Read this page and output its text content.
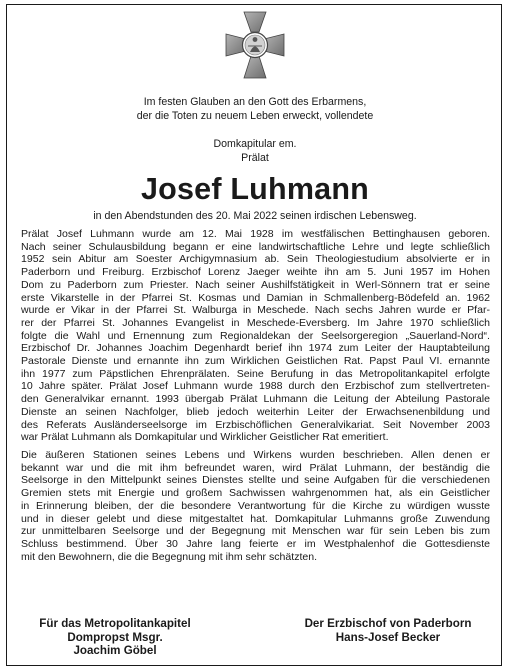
Im festen Glauben an den Gott des Erbarmens,
der die Toten zu neuem Leben erweckt, vollendete
Domkapitular em.
Prälat
Josef Luhmann
in den Abendstunden des 20. Mai 2022 seinen irdischen Lebensweg.
Prälat Josef Luhmann wurde am 12. Mai 1928 im westfälischen Bettinghausen geboren.
Nach seiner Schulausbildung begann er eine landwirtschaftliche Lehre und legte schließlich
1952 sein Abitur am Soester Archigymnasium ab. Sein Theologiestudium absolvierte er in
Paderborn und Freiburg. Erzbischof Lorenz Jaeger weihte ihn am 5. Juni 1957 im Hohen
Dom zu Paderborn zum Priester. Nach seiner Aushilfstätigkeit in Werl-Sönnern trat er seine
erste Vikarstelle in der Pfarrei St. Kosmas und Damian in Schmallenberg-Bödefeld an. 1962
wurde er Vikar in der Pfarrei St. Walburga in Meschede. Nach sechs Jahren wurde er Pfar-
rer der Pfarrei St. Johannes Evangelist in Meschede-Eversberg. Im Jahre 1970 schließlich
folgte die Wahl und Ernennung zum Regionaldekan der Seelsorgeregion „Sauerland-Nord“.
Erzbischof Dr. Johannes Joachim Degenhardt berief ihn 1974 zum Leiter der Hauptabteilung
Pastorale Dienste und ernannte ihn zum Wirklichen Geistlichen Rat. Papst Paul VI. ernannte
ihn 1977 zum Päpstlichen Ehrenprälaten. Seine Berufung in das Metropolitankapitel erfolgte
10 Jahre später. Prälat Josef Luhmann wurde 1988 durch den Erzbischof zum stellvertreten-
den Generalvikar ernannt. 1993 übergab Prälat Luhmann die Leitung der Abteilung Pastorale
Dienste an seinen Nachfolger, blieb jedoch weiterhin Leiter der Erwachsenenbildung und
des Referats Ausländerseelsorge im Erzbischöflichen Generalvikariat. Seit November 2003
war Prälat Luhmann als Domkapitular und Wirklicher Geistlicher Rat emeritiert.
Die äußeren Stationen seines Lebens und Wirkens wurden beschrieben. Allen denen er
bekannt war und die mit ihm befreundet waren, wird Prälat Luhmann, der beständig die
Seelsorge in den Mittelpunkt seines Dienstes stellte und seine Aufgaben für die verschiedenen
Gremien stets mit Energie und großem Sachwissen wahrgenommen hat, als ein Geistlicher
in Erinnerung bleiben, der die besondere Verantwortung für die Kirche zu würdigen wusste
und in dieser gelebt und diese mitgestaltet hat. Domkapitular Luhmanns große Zuwendung
zur unmittelbaren Seelsorge und der Begegnung mit Menschen war für sein Leben bis zum
Schluss bestimmend. Über 30 Jahre lang feierte er im Westphalenhof die Gottesdienste
mit den Bewohnern, die die Begegnung mit ihm sehr schätzten.
Für das Metropolitankapitel
Dompropst Msgr.
Joachim Göbel
Der Erzbischof von Paderborn
Hans-Josef Becker
